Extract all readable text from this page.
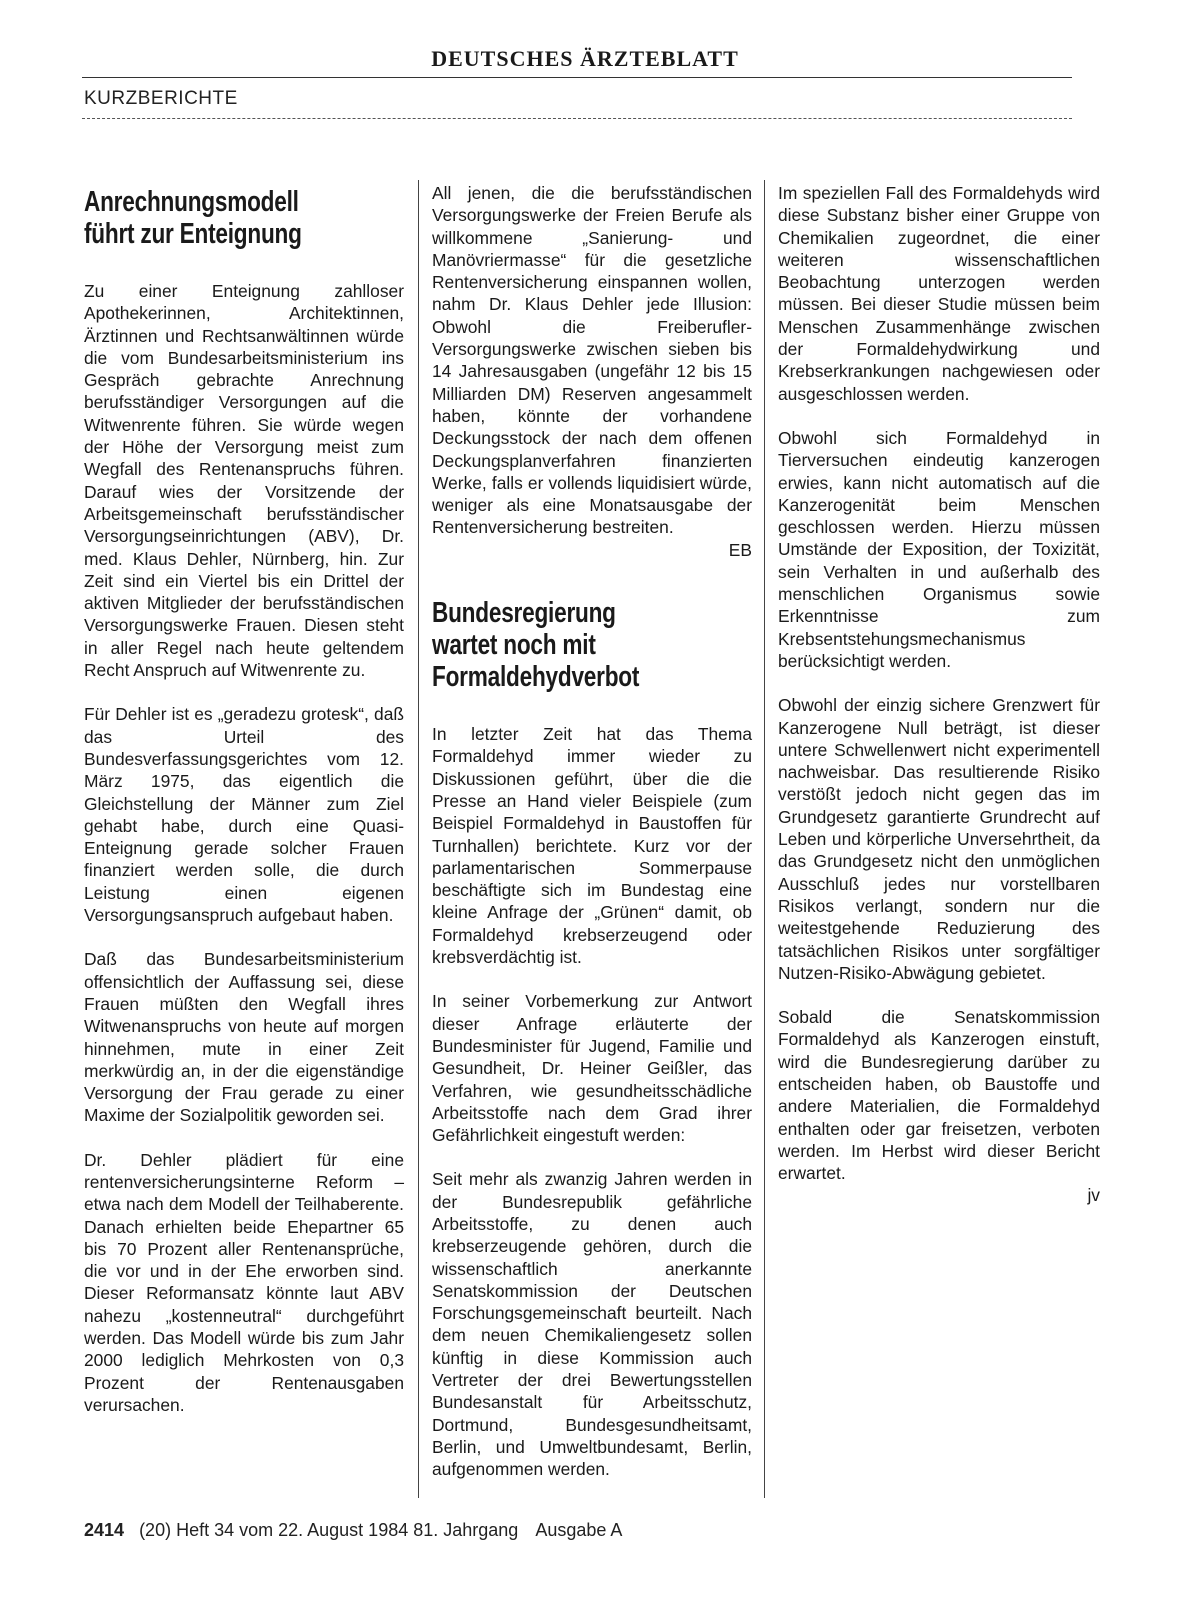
DEUTSCHES ÄRZTEBLATT
KURZBERICHTE
Anrechnungsmodell
führt zur Enteignung

Zu einer Enteignung zahlloser Apothekerinnen, Architektinnen, Ärztinnen und Rechtsanwältinnen würde die vom Bundesarbeitsministerium ins Gespräch gebrachte Anrechnung berufsständiger Versorgungen auf die Witwenrente führen. Sie würde wegen der Höhe der Versorgung meist zum Wegfall des Rentenanspruchs führen. Darauf wies der Vorsitzende der Arbeitsgemeinschaft berufsständischer Versorgungseinrichtungen (ABV), Dr. med. Klaus Dehler, Nürnberg, hin. Zur Zeit sind ein Viertel bis ein Drittel der aktiven Mitglieder der berufsständischen Versorgungswerke Frauen. Diesen steht in aller Regel nach heute geltendem Recht Anspruch auf Witwenrente zu.

Für Dehler ist es „geradezu grotesk“, daß das Urteil des Bundesverfassungsgerichtes vom 12. März 1975, das eigentlich die Gleichstellung der Männer zum Ziel gehabt habe, durch eine Quasi-Enteignung gerade solcher Frauen finanziert werden solle, die durch Leistung einen eigenen Versorgungsanspruch aufgebaut haben.

Daß das Bundesarbeitsministerium offensichtlich der Auffassung sei, diese Frauen müßten den Wegfall ihres Witwenanspruchs von heute auf morgen hinnehmen, mute in einer Zeit merkwürdig an, in der die eigenständige Versorgung der Frau gerade zu einer Maxime der Sozialpolitik geworden sei.

Dr. Dehler plädiert für eine rentenversicherungsinterne Reform – etwa nach dem Modell der Teilhaberente. Danach erhielten beide Ehepartner 65 bis 70 Prozent aller Rentenansprüche, die vor und in der Ehe erworben sind. Dieser Reformansatz könnte laut ABV nahezu „kostenneutral“ durchgeführt werden. Das Modell würde bis zum Jahr 2000 lediglich Mehrkosten von 0,3 Prozent der Rentenausgaben verursachen.

All jenen, die die berufsständischen Versorgungswerke der Freien Berufe als willkommene „Sanierung- und Manövriermasse“ für die gesetzliche Rentenversicherung einspannen wollen, nahm Dr. Klaus Dehler jede Illusion: Obwohl die Freiberufler-Versorgungswerke zwischen sieben bis 14 Jahresausgaben (ungefähr 12 bis 15 Milliarden DM) Reserven angesammelt haben, könnte der vorhandene Deckungsstock der nach dem offenen Deckungsplanverfahren finanzierten Werke, falls er vollends liquidisiert würde, weniger als eine Monatsausgabe der Rentenversicherung bestreiten.
EB

Bundesregierung
wartet noch mit
Formaldehydverbot

In letzter Zeit hat das Thema Formaldehyd immer wieder zu Diskussionen geführt, über die die Presse an Hand vieler Beispiele (zum Beispiel Formaldehyd in Baustoffen für Turnhallen) berichtete. Kurz vor der parlamentarischen Sommerpause beschäftigte sich im Bundestag eine kleine Anfrage der „Grünen“ damit, ob Formaldehyd krebserzeugend oder krebsverdächtig ist.

In seiner Vorbemerkung zur Antwort dieser Anfrage erläuterte der Bundesminister für Jugend, Familie und Gesundheit, Dr. Heiner Geißler, das Verfahren, wie gesundheitsschädliche Arbeitsstoffe nach dem Grad ihrer Gefährlichkeit eingestuft werden:

Seit mehr als zwanzig Jahren werden in der Bundesrepublik gefährliche Arbeitsstoffe, zu denen auch krebserzeugende gehören, durch die wissenschaftlich anerkannte Senatskommission der Deutschen Forschungsgemeinschaft beurteilt. Nach dem neuen Chemikaliengesetz sollen künftig in diese Kommission auch Vertreter der drei Bewertungsstellen Bundesanstalt für Arbeitsschutz, Dortmund, Bundesgesundheitsamt, Berlin, und Umweltbundesamt, Berlin, aufgenommen werden.

Im speziellen Fall des Formaldehyds wird diese Substanz bisher einer Gruppe von Chemikalien zugeordnet, die einer weiteren wissenschaftlichen Beobachtung unterzogen werden müssen. Bei dieser Studie müssen beim Menschen Zusammenhänge zwischen der Formaldehydwirkung und Krebserkrankungen nachgewiesen oder ausgeschlossen werden.

Obwohl sich Formaldehyd in Tierversuchen eindeutig kanzerogen erwies, kann nicht automatisch auf die Kanzerogenität beim Menschen geschlossen werden. Hierzu müssen Umstände der Exposition, der Toxizität, sein Verhalten in und außerhalb des menschlichen Organismus sowie Erkenntnisse zum Krebsentstehungsmechanismus berücksichtigt werden.

Obwohl der einzig sichere Grenzwert für Kanzerogene Null beträgt, ist dieser untere Schwellenwert nicht experimentell nachweisbar. Das resultierende Risiko verstößt jedoch nicht gegen das im Grundgesetz garantierte Grundrecht auf Leben und körperliche Unversehrtheit, da das Grundgesetz nicht den unmöglichen Ausschluß jedes nur vorstellbaren Risikos verlangt, sondern nur die weitestgehende Reduzierung des tatsächlichen Risikos unter sorgfältiger Nutzen-Risiko-Abwägung gebietet.

Sobald die Senatskommission Formaldehyd als Kanzerogen einstuft, wird die Bundesregierung darüber zu entscheiden haben, ob Baustoffe und andere Materialien, die Formaldehyd enthalten oder gar freisetzen, verboten werden. Im Herbst wird dieser Bericht erwartet.
jv

2414 (20) Heft 34 vom 22. August 1984 81. Jahrgang Ausgabe A
